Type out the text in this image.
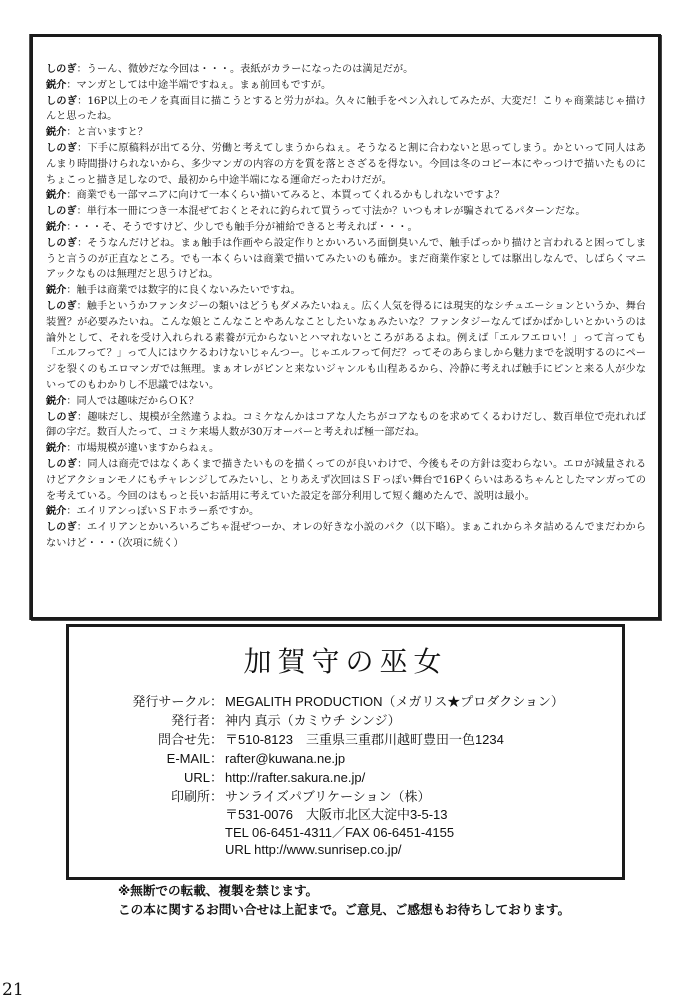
しのぎ：うーん、微妙だな今回は・・・。表紙がカラーになったのは満足だが。
鋭介：マンガとしては中途半端ですねぇ。まぁ前回もですが。
しのぎ：16P以上のモノを真面目に描こうとすると労力がね。久々に触手をペン入れしてみたが、大変だ！こりゃ商業誌じゃ描けんと思ったね。
鋭介：と言いますと？
しのぎ：下手に原稿料が出てる分、労働と考えてしまうからねぇ。そうなると割に合わないと思ってしまう。かといって同人はあんまり時間掛けられないから、多少マンガの内容の方を質を落とさざるを得ない。今回は冬のコピー本にやっつけで描いたものにちょこっと描き足しなので、最初から中途半端になる運命だったわけだが。
鋭介：商業でも一部マニアに向けて一本くらい描いてみると、本買ってくれるかもしれないですよ？
しのぎ：単行本一冊につき一本混ぜておくとそれに釣られて買うって寸法か？いつもオレが騙されてるパターンだな。
鋭介：・・・そ、そうですけど、少しでも触手分が補給できると考えれば・・・。
しのぎ：そうなんだけどね。まぁ触手は作画やら設定作りとかいろいろ面倒臭いんで、触手ばっかり描けと言われると困ってしまうと言うのが正直なところ。でも一本くらいは商業で描いてみたいのも確か。まだ商業作家としては駆出しなんで、しばらくマニアックなものは無理だと思うけどね。
鋭介：触手は商業では数字的に良くないみたいですね。
しのぎ：触手というかファンタジーの類いはどうもダメみたいねぇ。広く人気を得るには現実的なシチュエーションというか、舞台装置？が必要みたいね。こんな娘とこんなことやあんなことしたいなぁみたいな？ファンタジーなんてばかばかしいとかいうのは論外として、それを受け入れられる素養が元からないとハマれないところがあるよね。例えば「エルフエロい！」って言っても「エルフって？」って人にはウケるわけないじゃんつー。じゃエルフって何だ？ってそのあらましから魅力までを説明するのにページを裂くのもエロマンガでは無理。まぁオレがピンと来ないジャンルも山程あるから、冷静に考えれば触手にピンと来る人が少ないってのもわかりし不思議ではない。
鋭介：同人では趣味だからＯＫ？
しのぎ：趣味だし、規模が全然違うよね。コミケなんかはコアな人たちがコアなものを求めてくるわけだし、数百単位で売れれば御の字だ。数百人たって、コミケ来場人数が30万オーバーと考えれば極一部だね。
鋭介：市場規模が違いますからねぇ。
しのぎ：同人は商売ではなくあくまで描きたいものを描くってのが良いわけで、今後もその方針は変わらない。エロが減量されるけどアクションモノにもチャレンジしてみたいし、とりあえず次回はＳＦっぽい舞台で16Pくらいはあるちゃんとしたマンガってのを考えている。今回のはもっと長いお話用に考えていた設定を部分利用して短く纏めたんで、説明は最小。
鋭介：エイリアンっぽいＳＦホラー系ですか。
しのぎ：エイリアンとかいろいろごちゃ混ぜつーか、オレの好きな小説のパク（以下略）。まぁこれからネタ詰めるんでまだわからないけど・・・（次項に続く）
加賀守の巫女
発行サークル： MEGALITH PRODUCTION（メガリス★プロダクション）
発行者： 神内 真示（カミウチ シンジ）
問合せ先： 〒510-8123　三重県三重郡川越町豊田一色1234
E-MAIL： rafter@kuwana.ne.jp
URL： http://rafter.sakura.ne.jp/
印刷所： サンライズパブリケーション（株）
〒531-0076　大阪市北区大淀中3-5-13
TEL 06-6451-4311／FAX 06-6451-4155
URL http://www.sunrisep.co.jp/
※無断での転載、複製を禁じます。
この本に関するお問い合せは上記まで。ご意見、ご感想もお待ちしております。
21
